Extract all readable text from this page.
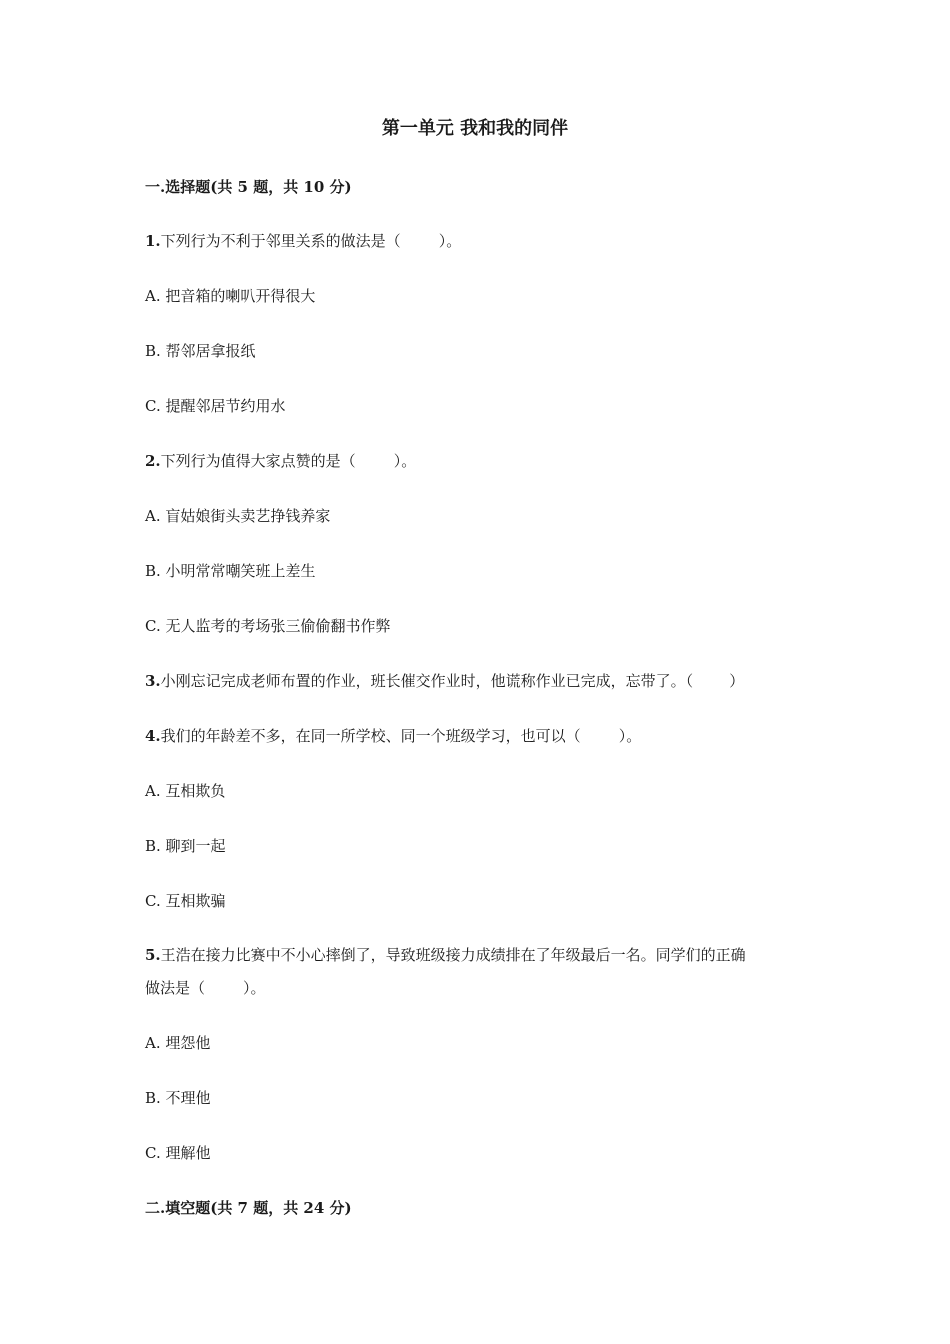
第一单元 我和我的同伴
一.选择题(共 5 题，共 10 分)
1.下列行为不利于邻里关系的做法是（	）。
A. 把音箱的喇叭开得很大
B. 帮邻居拿报纸
C. 提醒邻居节约用水
2.下列行为值得大家点赞的是（	）。
A. 盲姑娘街头卖艺挣钱养家
B. 小明常常嘲笑班上差生
C. 无人监考的考场张三偷偷翻书作弊
3.小刚忘记完成老师布置的作业，班长催交作业时，他谎称作业已完成，忘带了。（ ）
4.我们的年龄差不多，在同一所学校、同一个班级学习，也可以（	）。
A. 互相欺负
B. 聊到一起
C. 互相欺骗
5.王浩在接力比赛中不小心摔倒了，导致班级接力成绩排在了年级最后一名。同学们的正确
做法是（	）。
A. 埋怨他
B. 不理他
C. 理解他
二.填空题(共 7 题，共 24 分)
